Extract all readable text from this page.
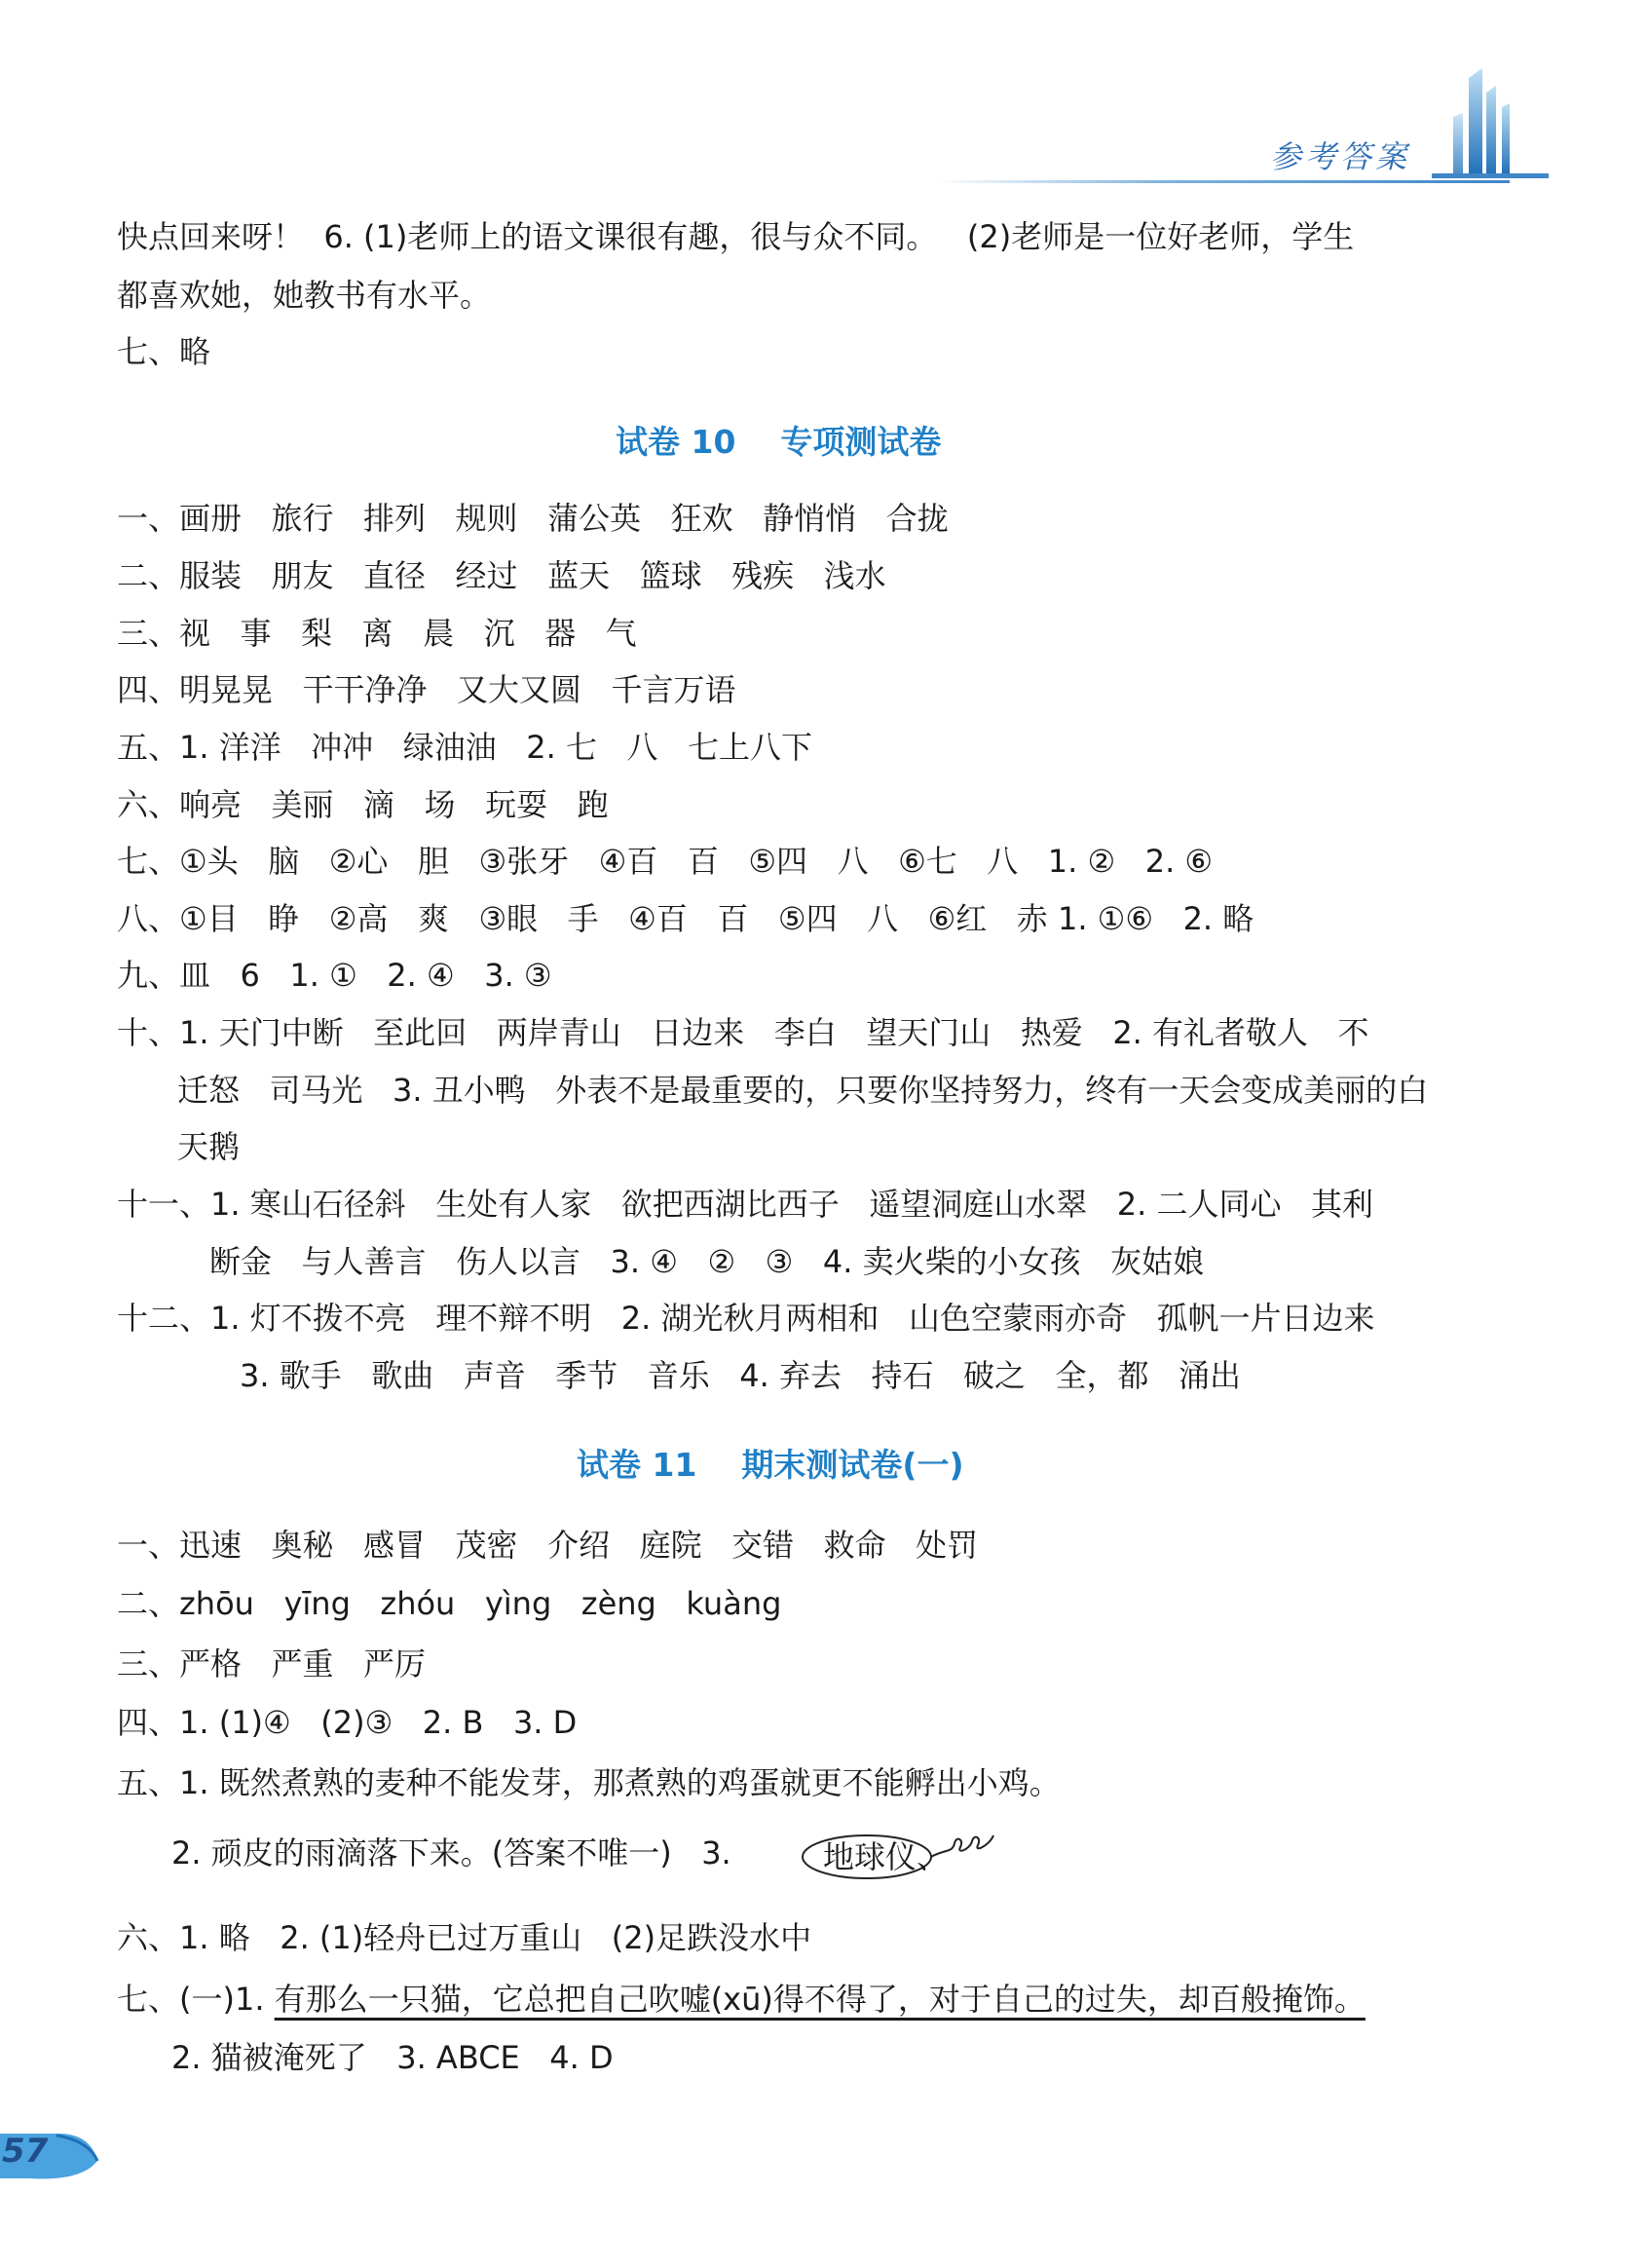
参考答案
快点回来呀！  6. (1)老师上的语文课很有趣，很与众不同。   (2)老师是一位好老师，学生
都喜欢她，她教书有水平。
七、略
试卷 10    专项测试卷
一、画册   旅行   排列   规则   蒲公英   狂欢   静悄悄   合拢
二、服装   朋友   直径   经过   蓝天   篮球   残疾   浅水
三、视   事   梨   离   晨   沉   器   气
四、明晃晃   干干净净   又大又圆   千言万语
五、1. 洋洋   冲冲   绿油油   2. 七   八   七上八下
六、响亮   美丽   滴   场   玩耍   跑
七、①头   脑   ②心   胆   ③张牙   ④百   百   ⑤四   八   ⑥七   八   1. ②   2. ⑥
八、①目   睁   ②高   爽   ③眼   手   ④百   百   ⑤四   八   ⑥红   赤 1. ①⑥   2. 略
九、皿   6   1. ①   2. ④   3. ③
十、1. 天门中断   至此回   两岸青山   日边来   李白   望天门山   热爱   2. 有礼者敬人   不
迁怒   司马光   3. 丑小鸭   外表不是最重要的，只要你坚持努力，终有一天会变成美丽的白
天鹅
十一、1. 寒山石径斜   生处有人家   欲把西湖比西子   遥望洞庭山水翠   2. 二人同心   其利
断金   与人善言   伤人以言   3. ④   ②   ③   4. 卖火柴的小女孩   灰姑娘
十二、1. 灯不拨不亮   理不辩不明   2. 湖光秋月两相和   山色空蒙雨亦奇   孤帆一片日边来
3. 歌手   歌曲   声音   季节   音乐   4. 弃去   持石   破之   全，都   涌出
试卷 11    期末测试卷(一)
一、迅速   奥秘   感冒   茂密   介绍   庭院   交错   救命   处罚
二、zhōu   yīng   zhóu   yìng   zèng   kuàng
三、严格   严重   严厉
四、1. (1)④   (2)③   2. B   3. D
五、1. 既然煮熟的麦种不能发芽，那煮熟的鸡蛋就更不能孵出小鸡。
2. 顽皮的雨滴落下来。(答案不唯一)   3.	地球仪、
六、1. 略   2. (1)轻舟已过万重山   (2)足跌没水中
七、(一)1. 有那么一只猫，它总把自己吹嘘(xū)得不得了，对于自己的过失，却百般掩饰。
2. 猫被淹死了   3. ABCE   4. D
57
